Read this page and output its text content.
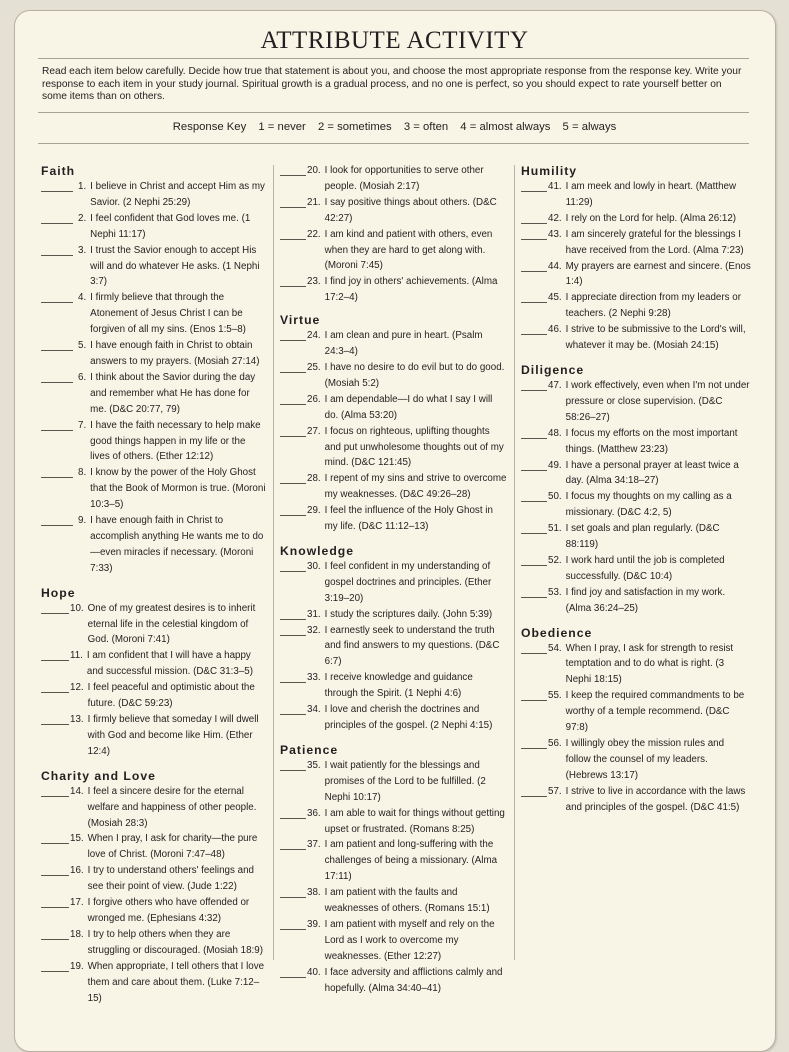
ATTRIBUTE ACTIVITY

Read each item below carefully. Decide how true that statement is about you, and choose the most appropriate response from the response key. Write your response to each item in your study journal. Spiritual growth is a gradual process, and no one is perfect, so you should expect to rate yourself better on some items than on others.

Response Key 1 = never 2 = sometimes 3 = often 4 = almost always 5 = always
Faith
1. I believe in Christ and accept Him as my Savior. (2 Nephi 25:29)
2. I feel confident that God loves me. (1 Nephi 11:17)
3. I trust the Savior enough to accept His will and do whatever He asks. (1 Nephi 3:7)
4. I firmly believe that through the Atonement of Jesus Christ I can be forgiven of all my sins. (Enos 1:5–8)
5. I have enough faith in Christ to obtain answers to my prayers. (Mosiah 27:14)
6. I think about the Savior during the day and remember what He has done for me. (D&C 20:77, 79)
7. I have the faith necessary to help make good things happen in my life or the lives of others. (Ether 12:12)
8. I know by the power of the Holy Ghost that the Book of Mormon is true. (Moroni 10:3–5)
9. I have enough faith in Christ to accomplish anything He wants me to do—even miracles if necessary. (Moroni 7:33)
Hope
10. One of my greatest desires is to inherit eternal life in the celestial kingdom of God. (Moroni 7:41)
11. I am confident that I will have a happy and successful mission. (D&C 31:3–5)
12. I feel peaceful and optimistic about the future. (D&C 59:23)
13. I firmly believe that someday I will dwell with God and become like Him. (Ether 12:4)
Charity and Love
14. I feel a sincere desire for the eternal welfare and happiness of other people. (Mosiah 28:3)
15. When I pray, I ask for charity—the pure love of Christ. (Moroni 7:47–48)
16. I try to understand others' feelings and see their point of view. (Jude 1:22)
17. I forgive others who have offended or wronged me. (Ephesians 4:32)
18. I try to help others when they are struggling or discouraged. (Mosiah 18:9)
19. When appropriate, I tell others that I love them and care about them. (Luke 7:12–15)
20. I look for opportunities to serve other people. (Mosiah 2:17)
21. I say positive things about others. (D&C 42:27)
22. I am kind and patient with others, even when they are hard to get along with. (Moroni 7:45)
23. I find joy in others' achievements. (Alma 17:2–4)
Virtue
24. I am clean and pure in heart. (Psalm 24:3–4)
25. I have no desire to do evil but to do good. (Mosiah 5:2)
26. I am dependable—I do what I say I will do. (Alma 53:20)
27. I focus on righteous, uplifting thoughts and put unwholesome thoughts out of my mind. (D&C 121:45)
28. I repent of my sins and strive to overcome my weaknesses. (D&C 49:26–28)
29. I feel the influence of the Holy Ghost in my life. (D&C 11:12–13)
Knowledge
30. I feel confident in my understanding of gospel doctrines and principles. (Ether 3:19–20)
31. I study the scriptures daily. (John 5:39)
32. I earnestly seek to understand the truth and find answers to my questions. (D&C 6:7)
33. I receive knowledge and guidance through the Spirit. (1 Nephi 4:6)
34. I love and cherish the doctrines and principles of the gospel. (2 Nephi 4:15)
Patience
35. I wait patiently for the blessings and promises of the Lord to be fulfilled. (2 Nephi 10:17)
36. I am able to wait for things without getting upset or frustrated. (Romans 8:25)
37. I am patient and long-suffering with the challenges of being a missionary. (Alma 17:11)
38. I am patient with the faults and weaknesses of others. (Romans 15:1)
39. I am patient with myself and rely on the Lord as I work to overcome my weaknesses. (Ether 12:27)
40. I face adversity and afflictions calmly and hopefully. (Alma 34:40–41)
Humility
41. I am meek and lowly in heart. (Matthew 11:29)
42. I rely on the Lord for help. (Alma 26:12)
43. I am sincerely grateful for the blessings I have received from the Lord. (Alma 7:23)
44. My prayers are earnest and sincere. (Enos 1:4)
45. I appreciate direction from my leaders or teachers. (2 Nephi 9:28)
46. I strive to be submissive to the Lord's will, whatever it may be. (Mosiah 24:15)
Diligence
47. I work effectively, even when I'm not under pressure or close supervision. (D&C 58:26–27)
48. I focus my efforts on the most important things. (Matthew 23:23)
49. I have a personal prayer at least twice a day. (Alma 34:18–27)
50. I focus my thoughts on my calling as a missionary. (D&C 4:2, 5)
51. I set goals and plan regularly. (D&C 88:119)
52. I work hard until the job is completed successfully. (D&C 10:4)
53. I find joy and satisfaction in my work. (Alma 36:24–25)
Obedience
54. When I pray, I ask for strength to resist temptation and to do what is right. (3 Nephi 18:15)
55. I keep the required commandments to be worthy of a temple recommend. (D&C 97:8)
56. I willingly obey the mission rules and follow the counsel of my leaders. (Hebrews 13:17)
57. I strive to live in accordance with the laws and principles of the gospel. (D&C 41:5)
